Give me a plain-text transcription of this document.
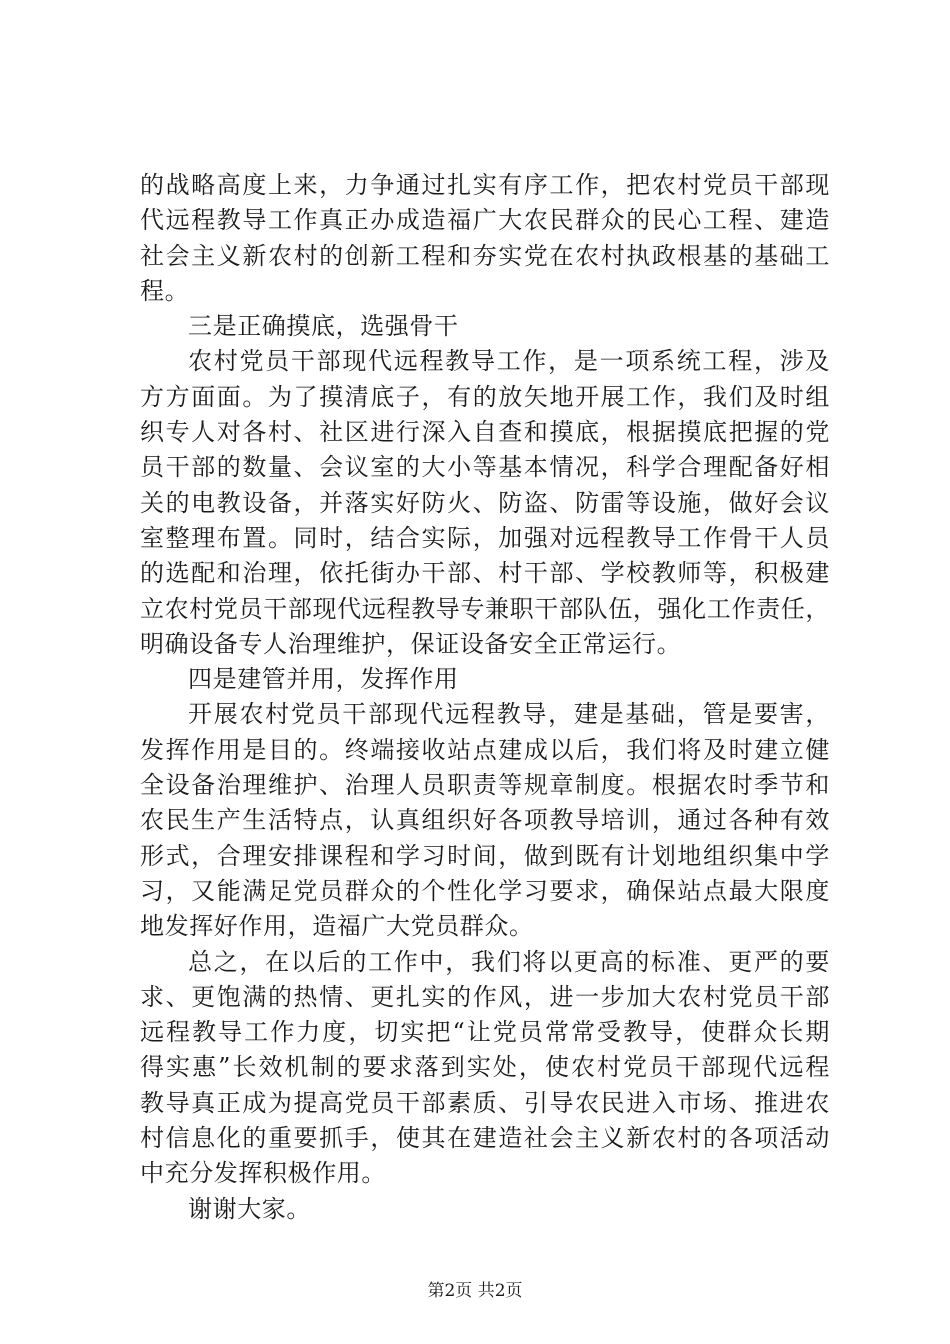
的战略高度上来，力争通过扎实有序工作，把农村党员干部现
代远程教导工作真正办成造福广大农民群众的民心工程、建造
社会主义新农村的创新工程和夯实党在农村执政根基的基础工
程。
三是正确摸底，选强骨干
农村党员干部现代远程教导工作，是一项系统工程，涉及
方方面面。为了摸清底子，有的放矢地开展工作，我们及时组
织专人对各村、社区进行深入自查和摸底，根据摸底把握的党
员干部的数量、会议室的大小等基本情况，科学合理配备好相
关的电教设备，并落实好防火、防盗、防雷等设施，做好会议
室整理布置。同时，结合实际，加强对远程教导工作骨干人员
的选配和治理，依托街办干部、村干部、学校教师等，积极建
立农村党员干部现代远程教导专兼职干部队伍，强化工作责任，
明确设备专人治理维护，保证设备安全正常运行。
四是建管并用，发挥作用
开展农村党员干部现代远程教导，建是基础，管是要害，
发挥作用是目的。终端接收站点建成以后，我们将及时建立健
全设备治理维护、治理人员职责等规章制度。根据农时季节和
农民生产生活特点，认真组织好各项教导培训，通过各种有效
形式，合理安排课程和学习时间，做到既有计划地组织集中学
习，又能满足党员群众的个性化学习要求，确保站点最大限度
地发挥好作用，造福广大党员群众。
总之，在以后的工作中，我们将以更高的标准、更严的要
求、更饱满的热情、更扎实的作风，进一步加大农村党员干部
远程教导工作力度，切实把“让党员常常受教导，使群众长期
得实惠”长效机制的要求落到实处，使农村党员干部现代远程
教导真正成为提高党员干部素质、引导农民进入市场、推进农
村信息化的重要抓手，使其在建造社会主义新农村的各项活动
中充分发挥积极作用。
谢谢大家。
第2页 共2页
